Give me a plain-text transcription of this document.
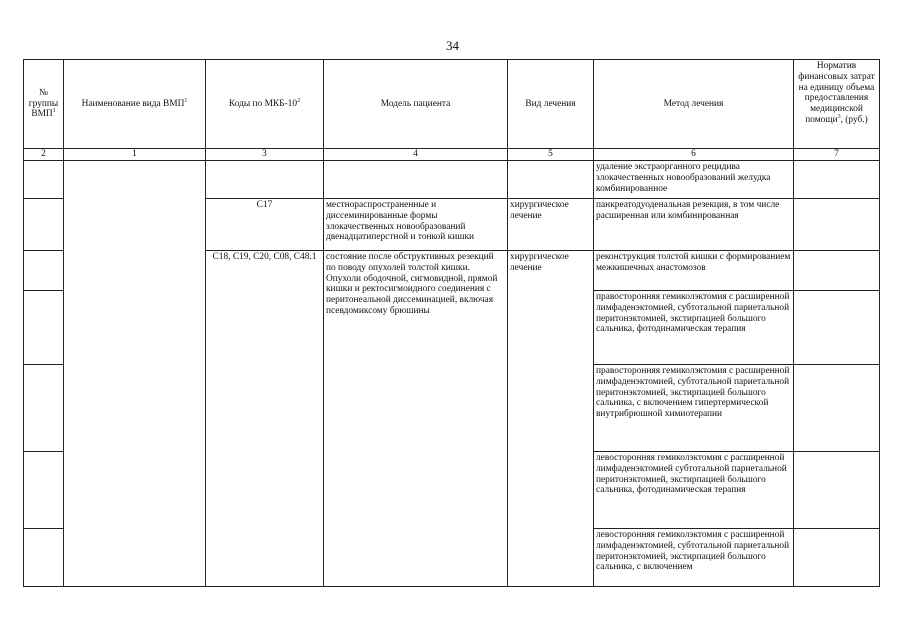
34
№
группы
ВМП$^1$	Наименование вида ВМП$^1$	Коды по МКБ-$10^2$	Модель пациента	Вид лечения	Метод лечения	Норматив финансовых затрат на единицу объема предоставления медицинской помощи$^3$, (руб.)
2	1	3	4	5	6	7
					удаление экстраорганного рецидива злокачественных новообразований желудка комбинированное	
		C17	местнораспространенные и диссеминированные формы злокачественных новообразований двенадцатиперстной и тонкой кишки	хирургическое лечение	панкреатодуоденальная резекция, в том числе расширенная или комбинированная	
		C18, C19, C20, C08, C48.1	состояние после обструктивных резекций по поводу опухолей толстой кишки. Опухоли ободочной, сигмовидной, прямой кишки и ректосигмоидного соединения с перитонеальной диссеминацией, включая псевдомиксому брюшины	хирургическое лечение	реконструкция толстой кишки с формированием межкишечных анастомозов	
					правосторонняя гемиколэктомия с расширенной лимфаденэктомией, субтотальной париетальной перитонэктомией, экстирпацией большого сальника, фотодинамическая терапия	
					правосторонняя гемиколэктомия с расширенной лимфаденэктомией, субтотальной париетальной перитонэктомией, экстирпацией большого сальника, с включением гипертермической внутрибрюшной химиотерапии	
					левосторонняя гемиколэктомия с расширенной лимфаденэктомией субтотальной париетальной перитонэктомией, экстирпацией большого сальника, фотодинамическая терапия	
					левосторонняя гемиколэктомия с расширенной лимфаденэктомией, субтотальной париетальной перитонэктомией, экстирпацией большого сальника, с включением	
